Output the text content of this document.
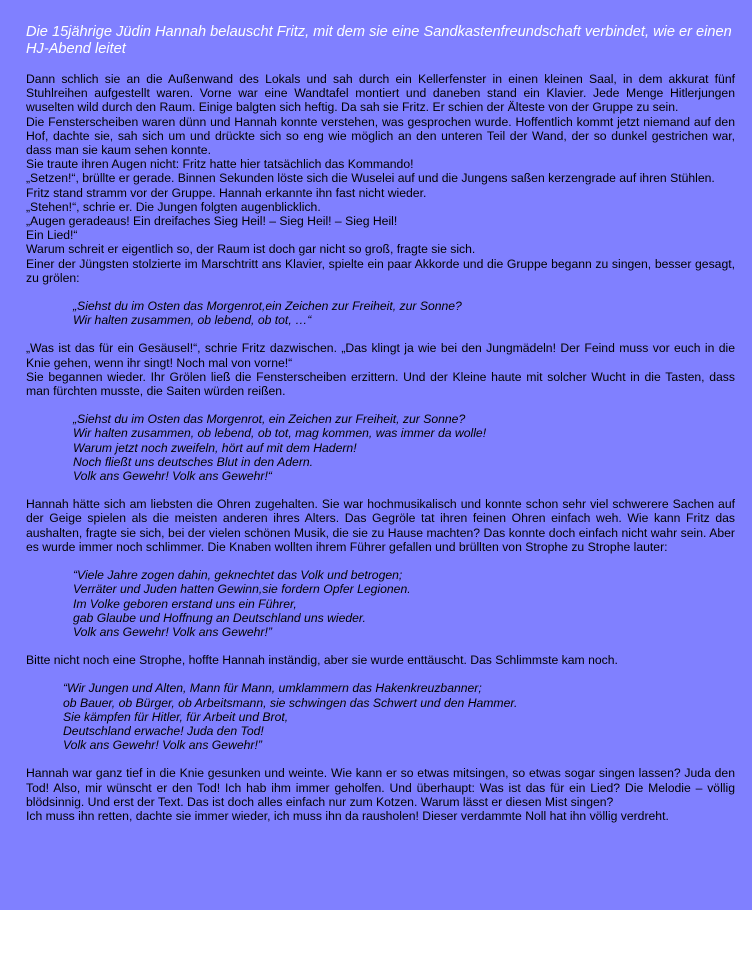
Die 15jährige Jüdin Hannah belauscht Fritz, mit dem sie eine Sandkastenfreundschaft verbindet, wie er einen HJ-Abend leitet

Dann schlich sie an die Außenwand des Lokals und sah durch ein Kellerfenster in einen kleinen Saal, in dem akkurat fünf Stuhlreihen aufgestellt waren. Vorne war eine Wandtafel montiert und daneben stand ein Klavier. Jede Menge Hitlerjungen wuselten wild durch den Raum. Einige balgten sich heftig. Da sah sie Fritz. Er schien der Älteste von der Gruppe zu sein.

Die Fensterscheiben waren dünn und Hannah konnte verstehen, was gesprochen wurde. Hoffentlich kommt jetzt niemand auf den Hof, dachte sie, sah sich um und drückte sich so eng wie möglich an den unteren Teil der Wand, der so dunkel gestrichen war, dass man sie kaum sehen konnte.

Sie traute ihren Augen nicht: Fritz hatte hier tatsächlich das Kommando!

„Setzen!“, brüllte er gerade. Binnen Sekunden löste sich die Wuselei auf und die Jungens saßen kerzengrade auf ihren Stühlen.

Fritz stand stramm vor der Gruppe. Hannah erkannte ihn fast nicht wieder.

„Stehen!“, schrie er. Die Jungen folgten augenblicklich.

„Augen geradeaus! Ein dreifaches Sieg Heil! – Sieg Heil! – Sieg Heil!

Ein Lied!“

Warum schreit er eigentlich so, der Raum ist doch gar nicht so groß, fragte sie sich.

Einer der Jüngsten stolzierte im Marschtritt ans Klavier, spielte ein paar Akkorde und die Gruppe begann zu singen, besser gesagt, zu grölen:

„Siehst du im Osten das Morgenrot,ein Zeichen zur Freiheit, zur Sonne?
Wir halten zusammen, ob lebend, ob tot, …“

„Was ist das für ein Gesäusel!“, schrie Fritz dazwischen. „Das klingt ja wie bei den Jungmädeln! Der Feind muss vor euch in die Knie gehen, wenn ihr singt! Noch mal von vorne!“

Sie begannen wieder. Ihr Grölen ließ die Fensterscheiben erzittern. Und der Kleine haute mit solcher Wucht in die Tasten, dass man fürchten musste, die Saiten würden reißen.

„Siehst du im Osten das Morgenrot, ein Zeichen zur Freiheit, zur Sonne?
Wir halten zusammen, ob lebend, ob tot, mag kommen, was immer da wolle!
Warum jetzt noch zweifeln, hört auf mit dem Hadern!
Noch fließt uns deutsches Blut in den Adern.
Volk ans Gewehr! Volk ans Gewehr!“

Hannah hätte sich am liebsten die Ohren zugehalten. Sie war hochmusikalisch und konnte schon sehr viel schwerere Sachen auf der Geige spielen als die meisten anderen ihres Alters. Das Gegröle tat ihren feinen Ohren einfach weh. Wie kann Fritz das aushalten, fragte sie sich, bei der vielen schönen Musik, die sie zu Hause machten? Das konnte doch einfach nicht wahr sein. Aber es wurde immer noch schlimmer. Die Knaben wollten ihrem Führer gefallen und brüllten von Strophe zu Strophe lauter:

“Viele Jahre zogen dahin, geknechtet das Volk und betrogen;
Verräter und Juden hatten Gewinn,sie fordern Opfer Legionen.
Im Volke geboren erstand uns ein Führer,
gab Glaube und Hoffnung an Deutschland uns wieder.
Volk ans Gewehr! Volk ans Gewehr!”

Bitte nicht noch eine Strophe, hoffte Hannah inständig, aber sie wurde enttäuscht. Das Schlimmste kam noch.

“Wir Jungen und Alten, Mann für Mann, umklammern das Hakenkreuzbanner;
ob Bauer, ob Bürger, ob Arbeitsmann, sie schwingen das Schwert und den Hammer.
Sie kämpfen für Hitler, für Arbeit und Brot,
Deutschland erwache! Juda den Tod!
Volk ans Gewehr! Volk ans Gewehr!”

Hannah war ganz tief in die Knie gesunken und weinte. Wie kann er so etwas mitsingen, so etwas sogar singen lassen? Juda den Tod! Also, mir wünscht er den Tod! Ich hab ihm immer geholfen. Und überhaupt: Was ist das für ein Lied? Die Melodie – völlig blödsinnig. Und erst der Text. Das ist doch alles einfach nur zum Kotzen. Warum lässt er diesen Mist singen?

Ich muss ihn retten, dachte sie immer wieder, ich muss ihn da rausholen! Dieser verdammte Noll hat ihn völlig verdreht.
